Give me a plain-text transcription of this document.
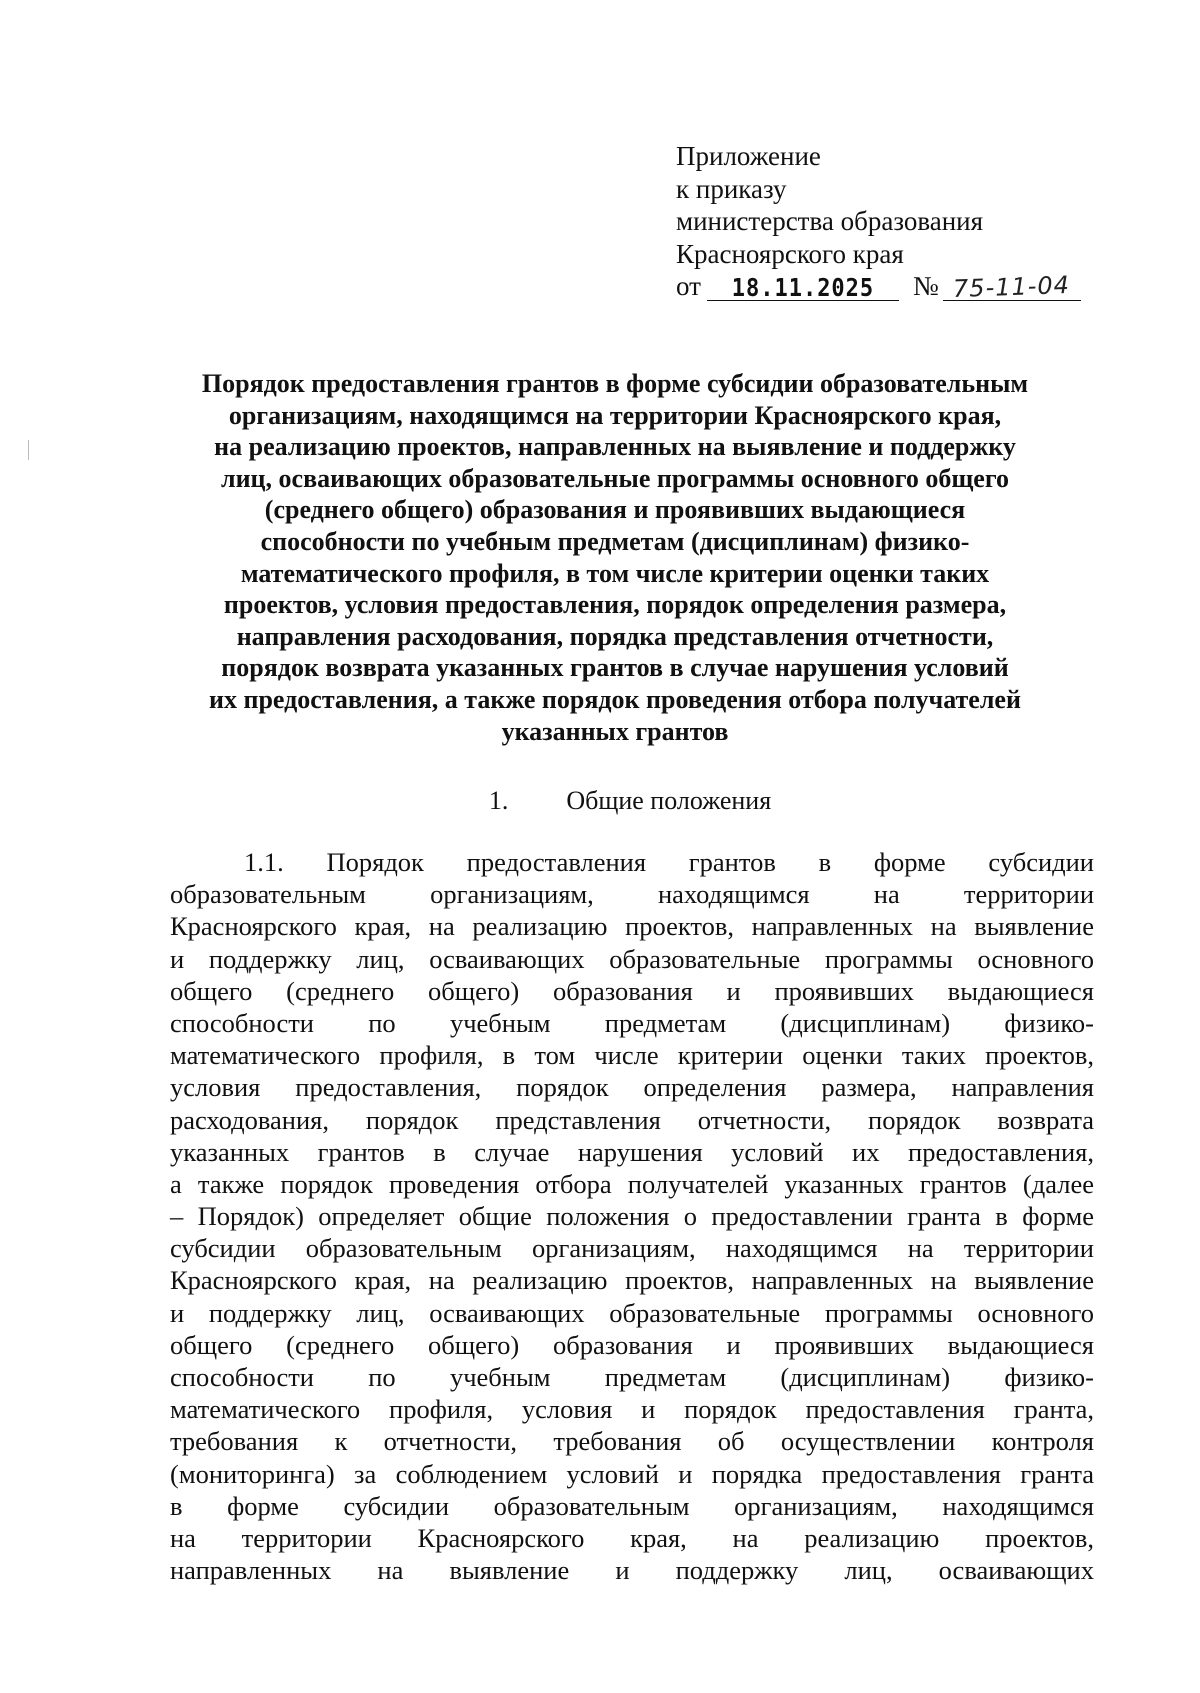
Приложение
к приказу
министерства образования
Красноярского края
от 18.11.2025 № 75-11-04
Порядок предоставления грантов в форме субсидии образовательным
организациям, находящимся на территории Красноярского края,
на реализацию проектов, направленных на выявление и поддержку
лиц, осваивающих образовательные программы основного общего
(среднего общего) образования и проявивших выдающиеся
способности по учебным предметам (дисциплинам) физико-
математического профиля, в том числе критерии оценки таких
проектов, условия предоставления, порядок определения размера,
направления расходования, порядка представления отчетности,
порядок возврата указанных грантов в случае нарушения условий
их предоставления, а также порядок проведения отбора получателей
указанных грантов
1. Общие положения
1.1. Порядок предоставления грантов в форме субсидии
образовательным организациям, находящимся на территории
Красноярского края, на реализацию проектов, направленных на выявление
и поддержку лиц, осваивающих образовательные программы основного
общего (среднего общего) образования и проявивших выдающиеся
способности по учебным предметам (дисциплинам) физико-
математического профиля, в том числе критерии оценки таких проектов,
условия предоставления, порядок определения размера, направления
расходования, порядок представления отчетности, порядок возврата
указанных грантов в случае нарушения условий их предоставления,
а также порядок проведения отбора получателей указанных грантов (далее
– Порядок) определяет общие положения о предоставлении гранта в форме
субсидии образовательным организациям, находящимся на территории
Красноярского края, на реализацию проектов, направленных на выявление
и поддержку лиц, осваивающих образовательные программы основного
общего (среднего общего) образования и проявивших выдающиеся
способности по учебным предметам (дисциплинам) физико-
математического профиля, условия и порядок предоставления гранта,
требования к отчетности, требования об осуществлении контроля
(мониторинга) за соблюдением условий и порядка предоставления гранта
в форме субсидии образовательным организациям, находящимся
на территории Красноярского края, на реализацию проектов,
направленных на выявление и поддержку лиц, осваивающих
